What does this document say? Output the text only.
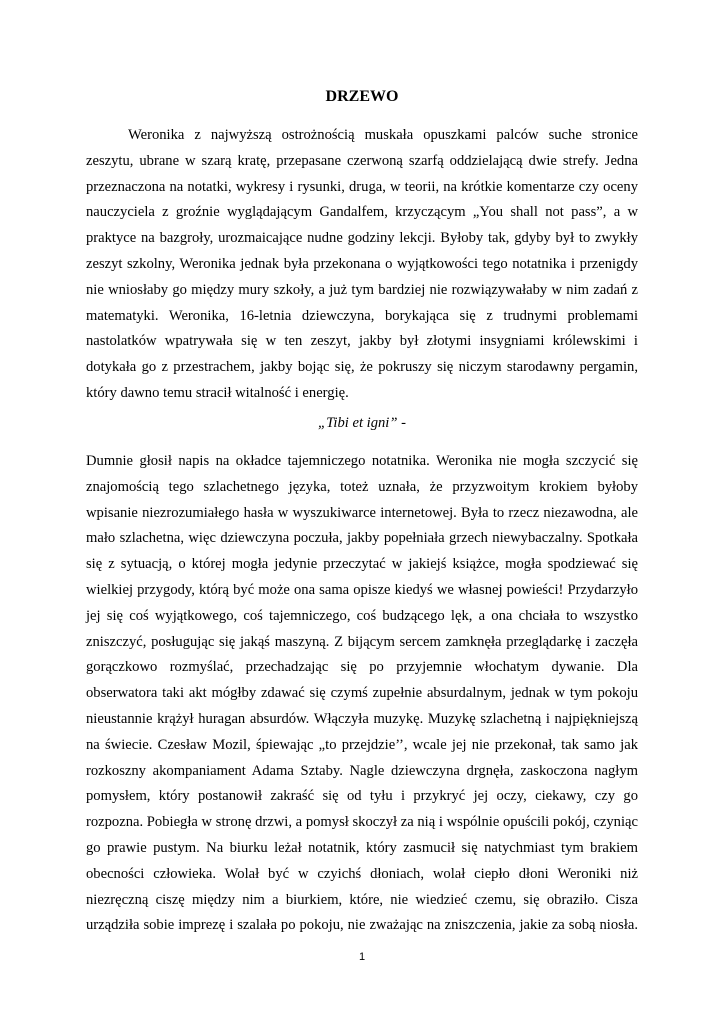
DRZEWO
Weronika z najwyższą ostrożnością muskała opuszkami palców suche stronice
zeszytu, ubrane w szarą kratę, przepasane czerwoną szarfą oddzielającą dwie strefy. Jedna
przeznaczona na notatki, wykresy i rysunki, druga, w teorii, na krótkie komentarze czy oceny
nauczyciela z groźnie wyglądającym Gandalfem, krzyczącym „You shall not pass”, a w
praktyce na bazgroły, urozmaicające nudne godziny lekcji. Byłoby tak, gdyby był to zwykły
zeszyt szkolny, Weronika jednak była przekonana o wyjątkowości tego notatnika i przenigdy
nie wniosłaby go między mury szkoły, a już tym bardziej nie rozwiązywałaby w nim zadań z
matematyki. Weronika, 16-letnia dziewczyna, borykająca się z trudnymi problemami
nastolatków wpatrywała się w ten zeszyt, jakby był złotymi insygniami królewskimi i
dotykała go z przestrachem, jakby bojąc się, że pokruszy się niczym starodawny pergamin,
który dawno temu stracił witalność i energię.
„Tibi et igni” -
Dumnie głosił napis na okładce tajemniczego notatnika. Weronika nie mogła szczycić się
znajomością tego szlachetnego języka, toteż uznała, że przyzwoitym krokiem byłoby
wpisanie niezrozumiałego hasła w wyszukiwarce internetowej. Była to rzecz niezawodna, ale
mało szlachetna, więc dziewczyna poczuła, jakby popełniała grzech niewybaczalny. Spotkała
się z sytuacją, o której mogła jedynie przeczytać w jakiejś książce, mogła spodziewać się
wielkiej przygody, którą być może ona sama opisze kiedyś we własnej powieści! Przydarzyło
jej się coś wyjątkowego, coś tajemniczego, coś budzącego lęk, a ona chciała to wszystko
zniszczyć, posługując się jakąś maszyną. Z bijącym sercem zamknęła przeglądarkę i zaczęła
gorączkowo rozmyślać, przechadzając się po przyjemnie włochatym dywanie. Dla
obserwatora taki akt mógłby zdawać się czymś zupełnie absurdalnym, jednak w tym pokoju
nieustannie krążył huragan absurdów. Włączyła muzykę. Muzykę szlachetną i najpiękniejszą
na świecie. Czesław Mozil, śpiewając „to przejdzie’’, wcale jej nie przekonał, tak samo jak
rozkoszny akompaniament Adama Sztaby. Nagle dziewczyna drgnęła, zaskoczona nagłym
pomysłem, który postanowił zakraść się od tyłu i przykryć jej oczy, ciekawy, czy go
rozpozna. Pobiegła w stronę drzwi, a pomysł skoczył za nią i wspólnie opuścili pokój, czyniąc
go prawie pustym. Na biurku leżał notatnik, który zasmucił się natychmiast tym brakiem
obecności człowieka. Wolał być w czyichś dłoniach, wolał ciepło dłoni Weroniki niż
niezręczną ciszę między nim a biurkiem, które, nie wiedzieć czemu, się obraziło. Cisza
urządziła sobie imprezę i szalała po pokoju, nie zważając na zniszczenia, jakie za sobą niosła.
1
